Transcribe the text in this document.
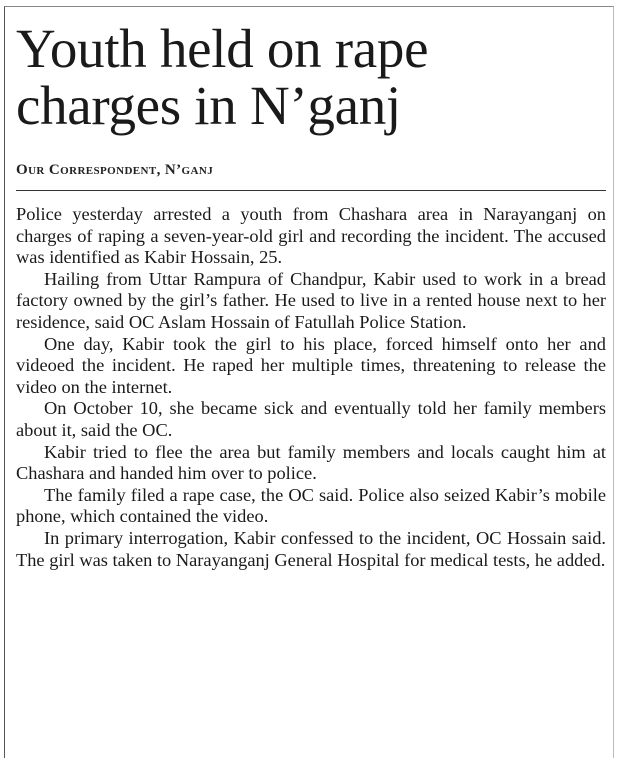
Youth held on rape charges in N’ganj
Our Correspondent, N’ganj

Police yesterday arrested a youth from Chashara area in Narayanganj on charges of raping a seven-year-old girl and recording the incident. The accused was identified as Kabir Hossain, 25.

Hailing from Uttar Rampura of Chandpur, Kabir used to work in a bread factory owned by the girl’s father. He used to live in a rented house next to her residence, said OC Aslam Hossain of Fatullah Police Station.

One day, Kabir took the girl to his place, forced himself onto her and videoed the incident. He raped her multiple times, threatening to release the video on the internet.

On October 10, she became sick and eventually told her family members about it, said the OC.

Kabir tried to flee the area but family members and locals caught him at Chashara and handed him over to police.

The family filed a rape case, the OC said. Police also seized Kabir’s mobile phone, which contained the video.

In primary interrogation, Kabir confessed to the incident, OC Hossain said. The girl was taken to Narayanganj General Hospital for medical tests, he added.
